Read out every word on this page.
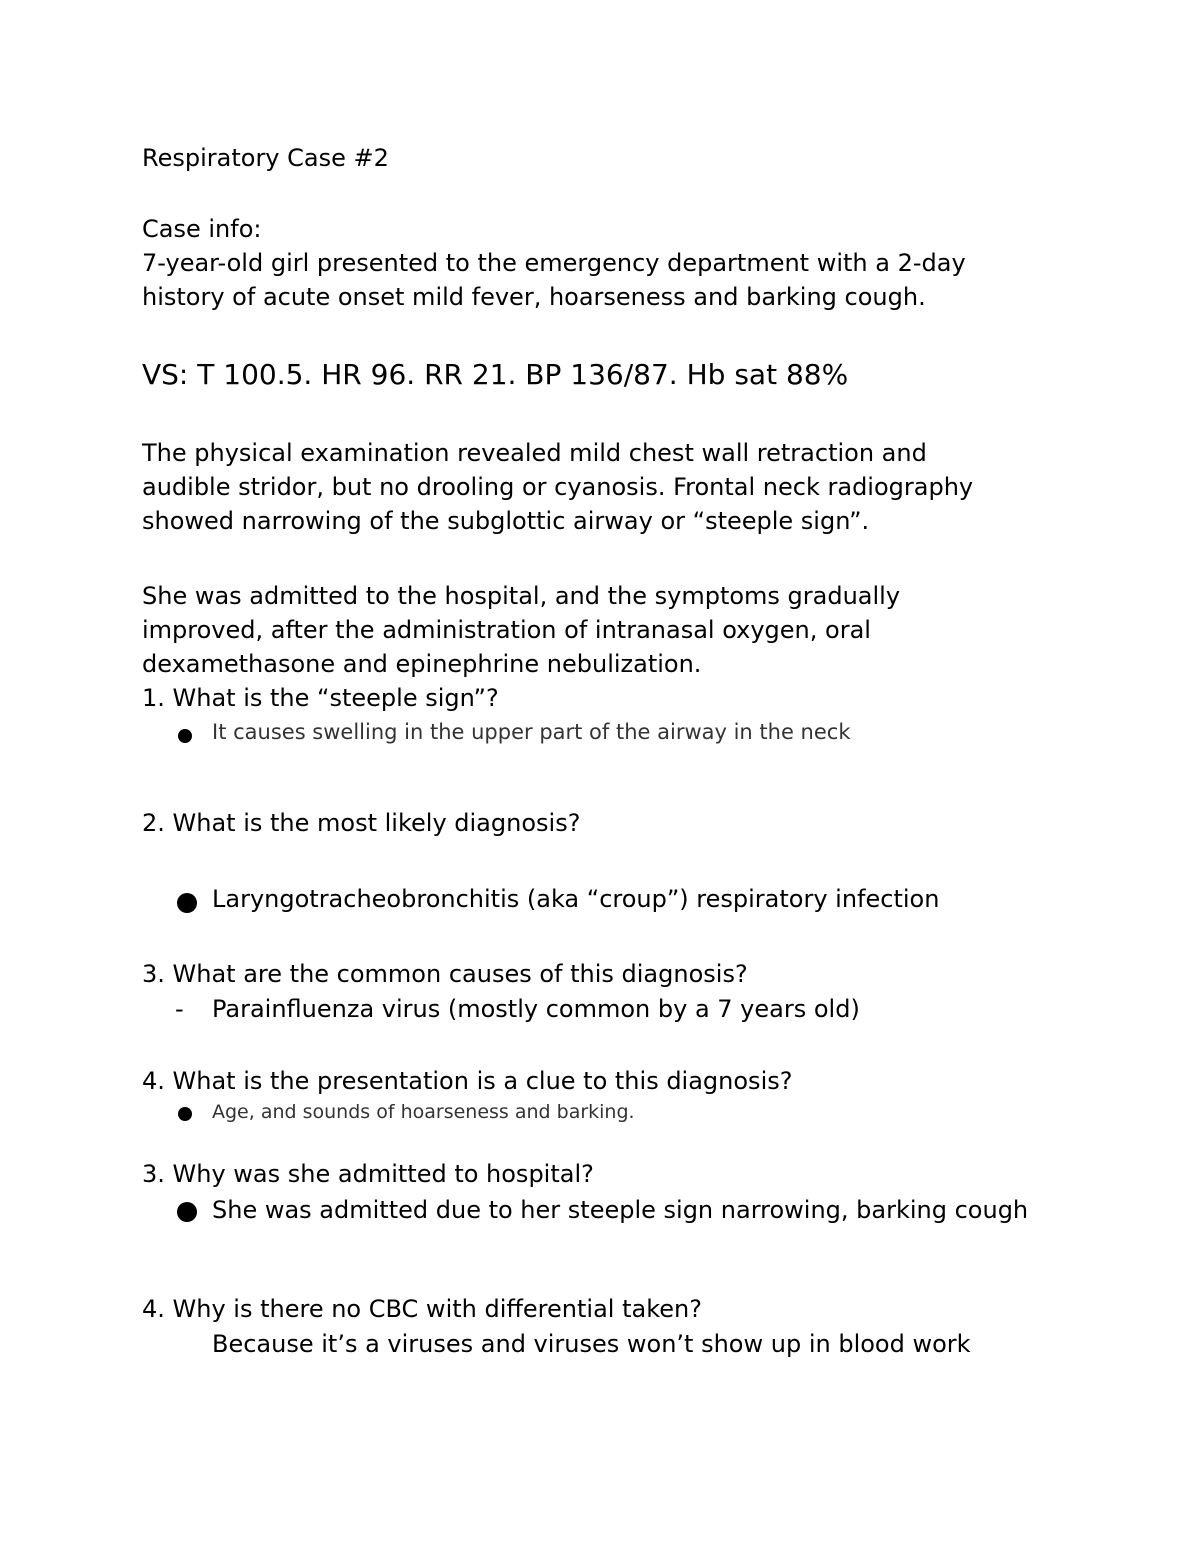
Respiratory Case #2
Case info:
7-year-old girl presented to the emergency department with a 2-day
history of acute onset mild fever, hoarseness and barking cough.
VS: T 100.5. HR 96. RR 21. BP 136/87. Hb sat 88%
The physical examination revealed mild chest wall retraction and
audible stridor, but no drooling or cyanosis. Frontal neck radiography
showed narrowing of the subglottic airway or “steeple sign”.
She was admitted to the hospital, and the symptoms gradually
improved, after the administration of intranasal oxygen, oral
dexamethasone and epinephrine nebulization.
1. What is the “steeple sign”?
It causes swelling in the upper part of the airway in the neck
2. What is the most likely diagnosis?
Laryngotracheobronchitis (aka “croup”) respiratory infection
3. What are the common causes of this diagnosis?
- Parainfluenza virus (mostly common by a 7 years old)
4. What is the presentation is a clue to this diagnosis?
Age, and sounds of hoarseness and barking.
3. Why was she admitted to hospital?
She was admitted due to her steeple sign narrowing, barking cough
4. Why is there no CBC with differential taken?
Because it’s a viruses and viruses won’t show up in blood work
